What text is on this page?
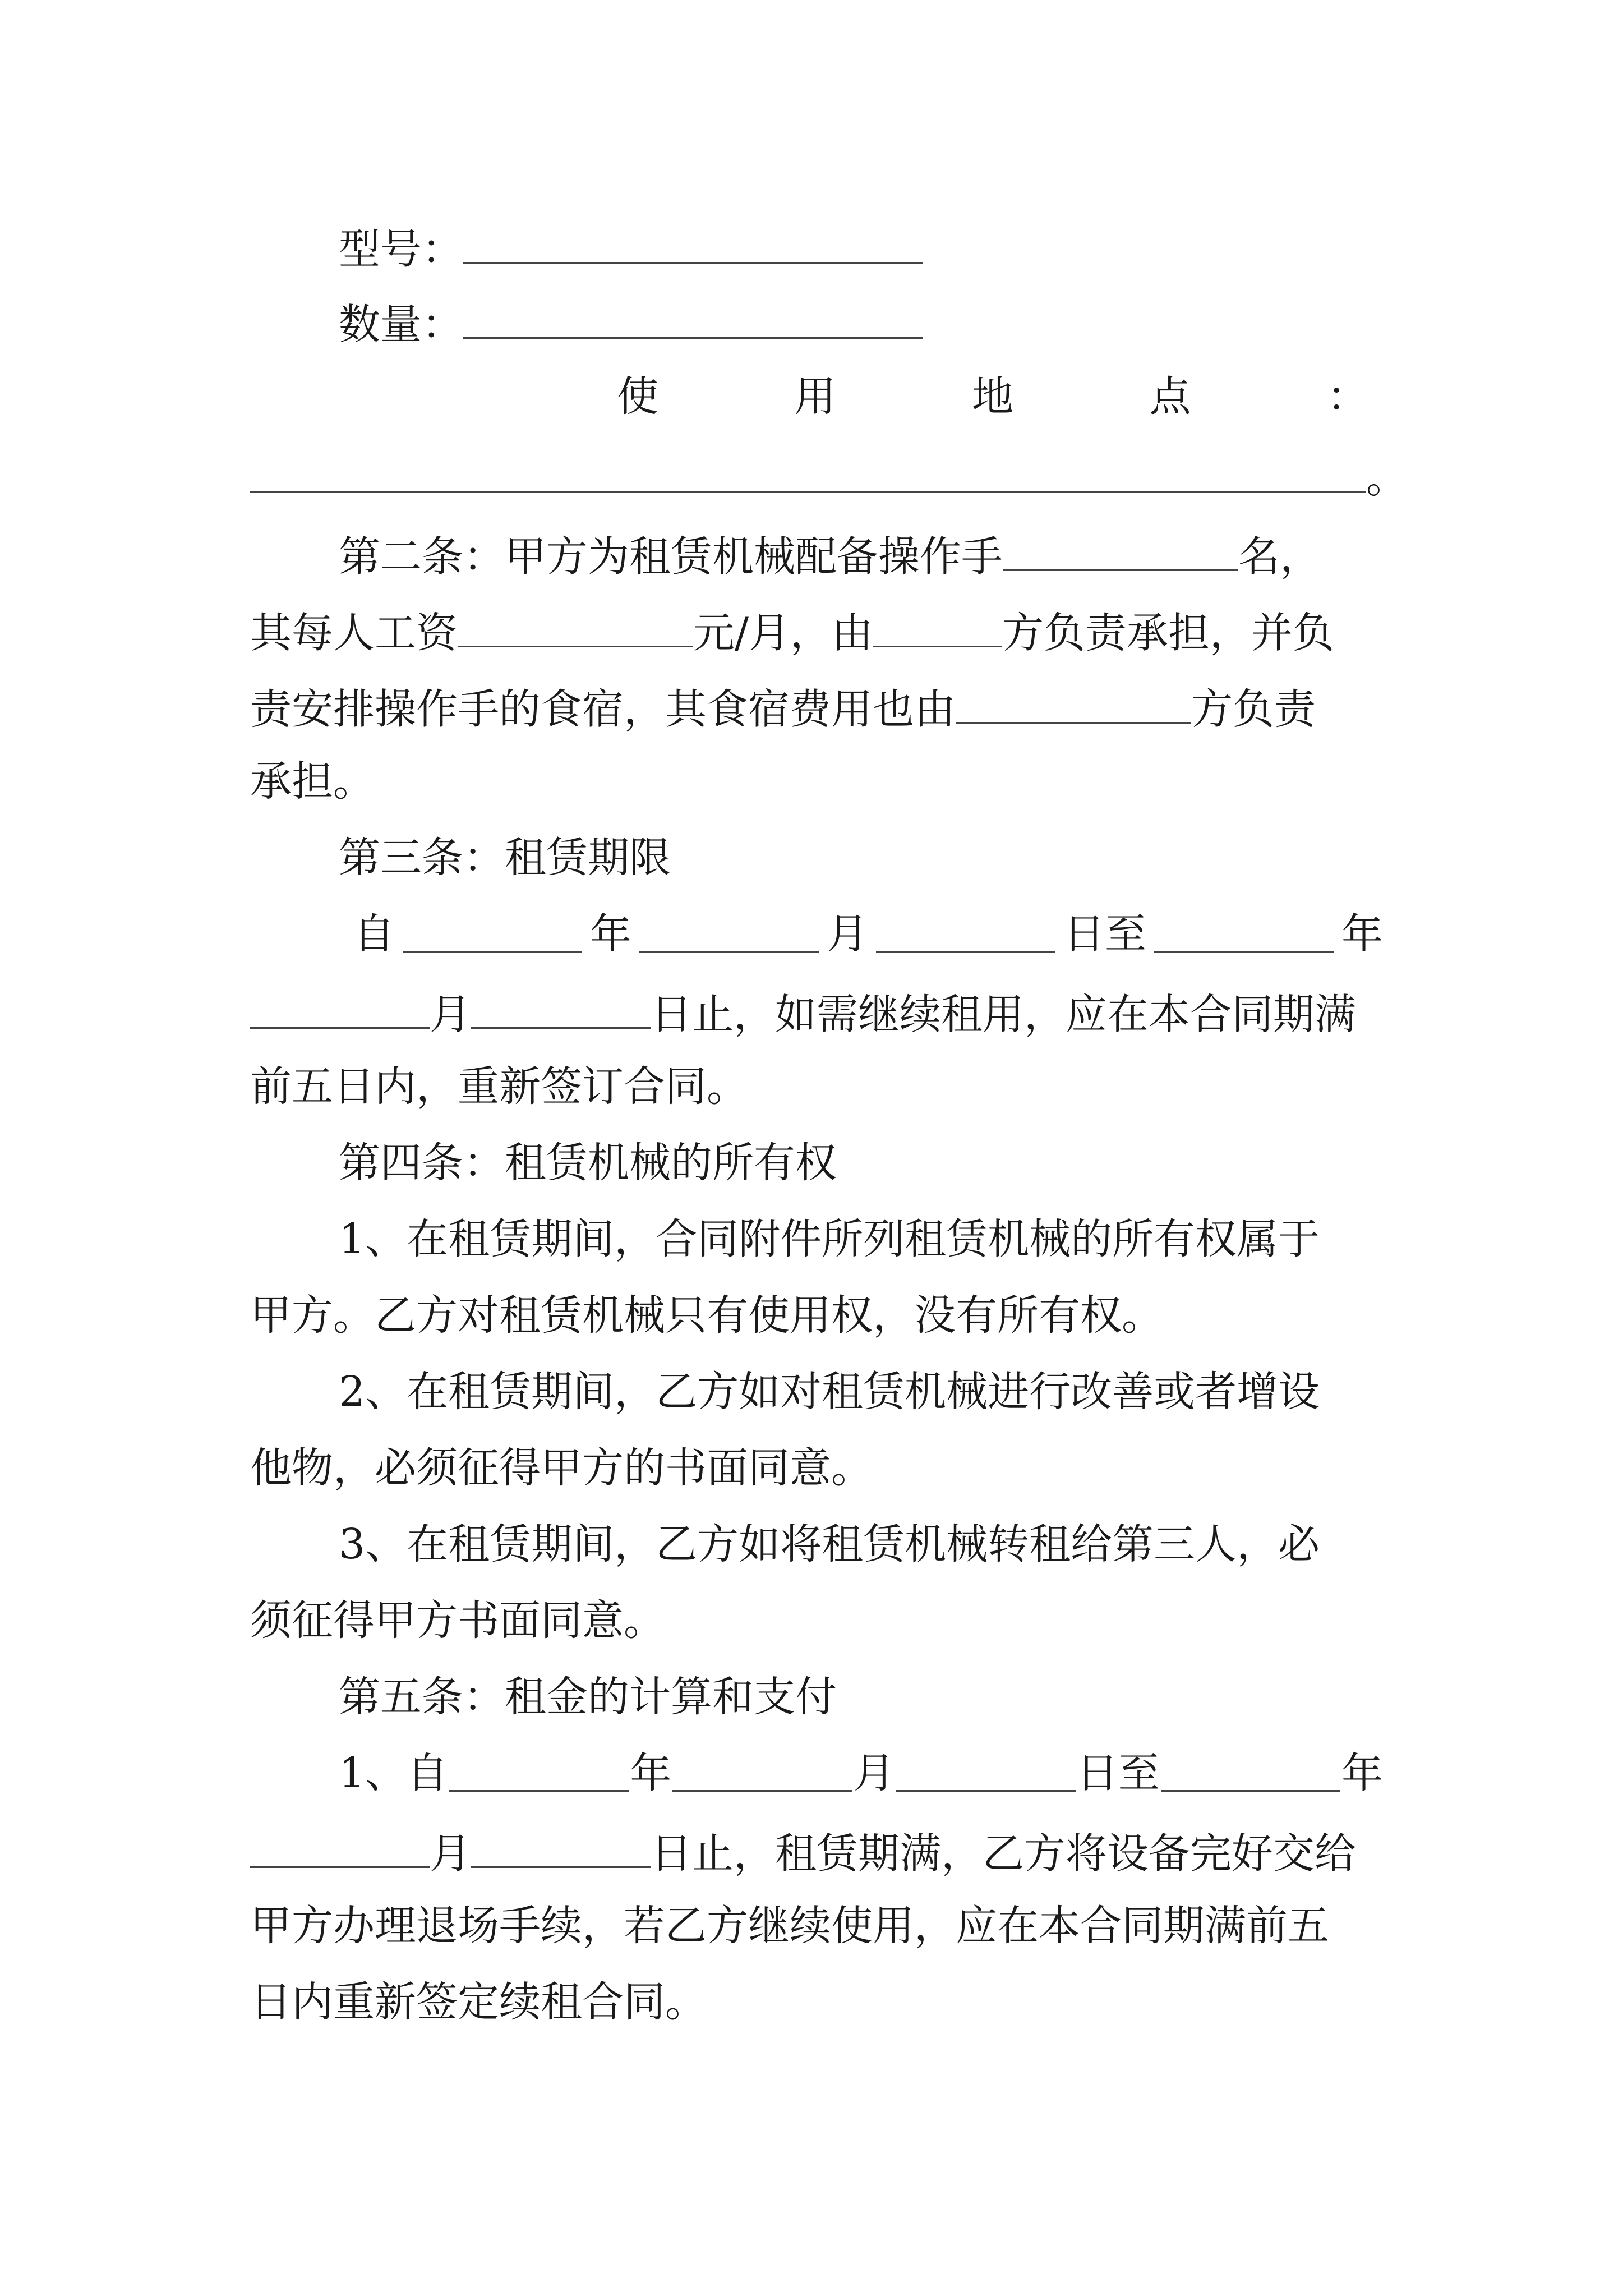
型号：
数量：
使	用	地	点	：
。
第二条：甲方为租赁机械配备操作手	名，
其每人工资	元/月，由	方负责承担，并负
责安排操作手的食宿，其食宿费用也由	方负责
承担。
第三条：租赁期限
自	年	月	日至	年
月	日止，如需继续租用，应在本合同期满
前五日内，重新签订合同。
第四条：租赁机械的所有权
1、在租赁期间，合同附件所列租赁机械的所有权属于
甲方。乙方对租赁机械只有使用权，没有所有权。
2、在租赁期间，乙方如对租赁机械进行改善或者增设
他物，必须征得甲方的书面同意。
3、在租赁期间，乙方如将租赁机械转租给第三人，必
须征得甲方书面同意。
第五条：租金的计算和支付
1、自	年	月	日至	年
月	日止，租赁期满，乙方将设备完好交给
甲方办理退场手续，若乙方继续使用，应在本合同期满前五
日内重新签定续租合同。
